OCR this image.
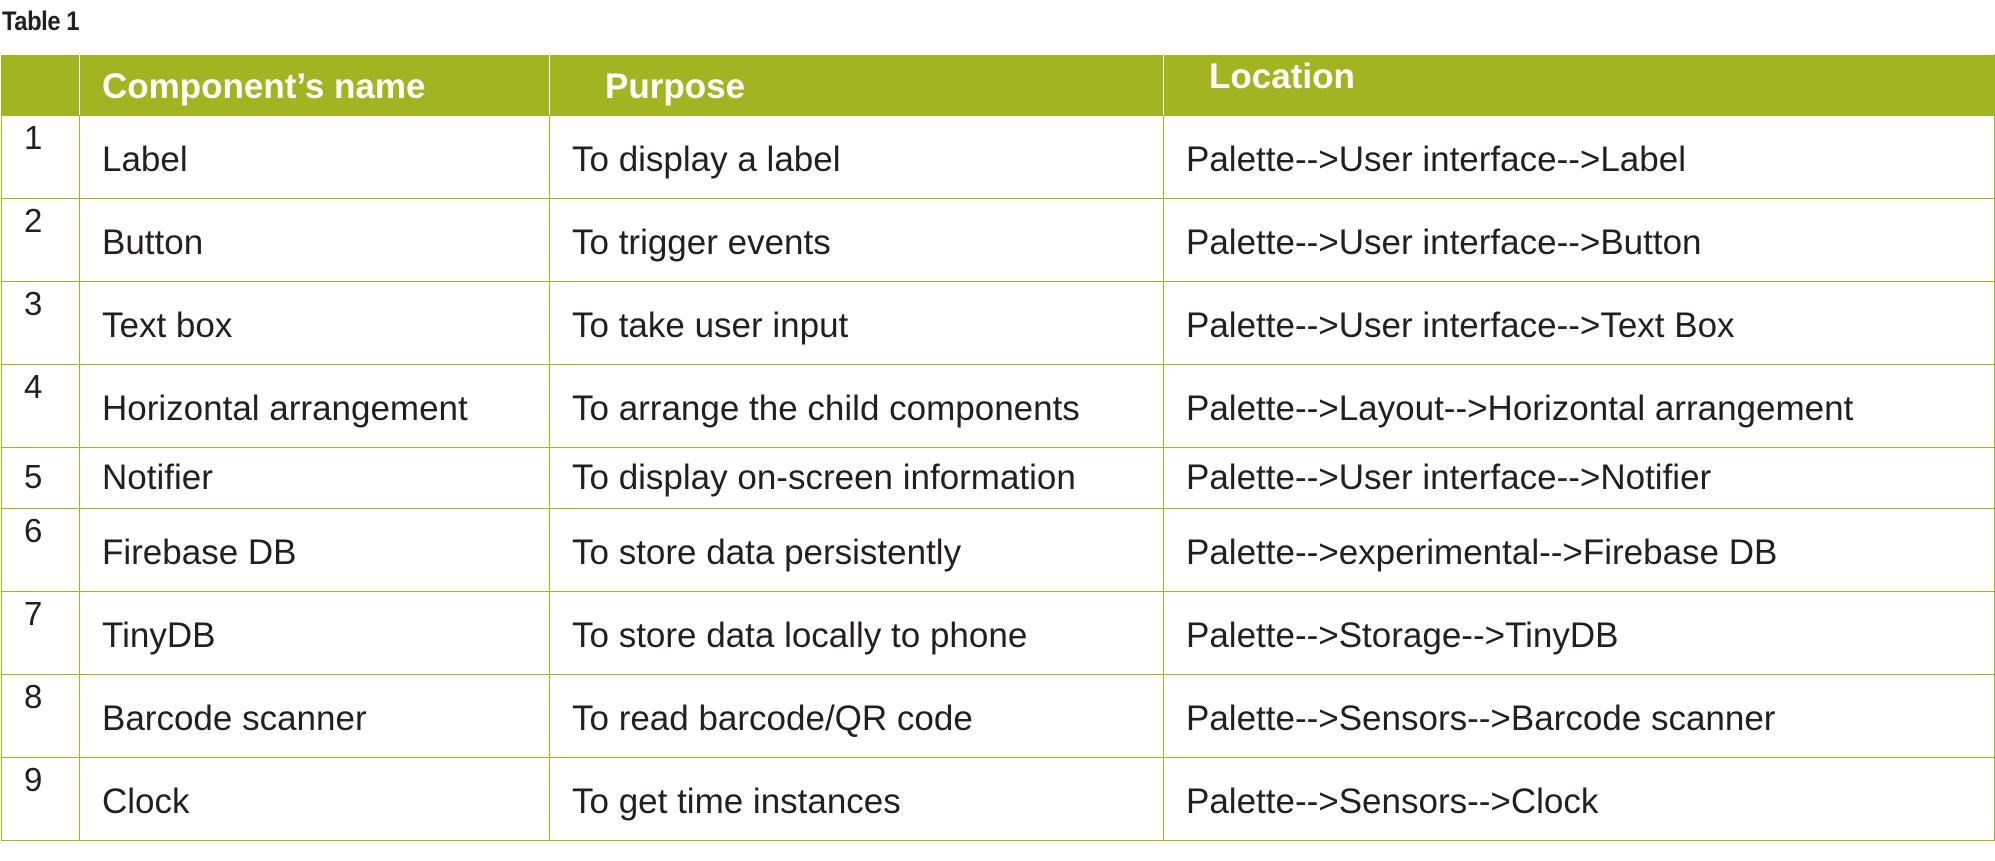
Table 1

	Component’s name	Purpose	Location

1	Label	To display a label	Palette-->User interface-->Label

2	Button	To trigger events	Palette-->User interface-->Button

3	Text box	To take user input	Palette-->User interface-->Text Box

4	Horizontal arrangement	To arrange the child components	Palette-->Layout-->Horizontal arrangement

5	Notifier	To display on-screen information	Palette-->User interface-->Notifier

6	Firebase DB	To store data persistently	Palette-->experimental-->Firebase DB

7	TinyDB	To store data locally to phone	Palette-->Storage-->TinyDB

8	Barcode scanner	To read barcode/QR code	Palette-->Sensors-->Barcode scanner

9	Clock	To get time instances	Palette-->Sensors-->Clock
